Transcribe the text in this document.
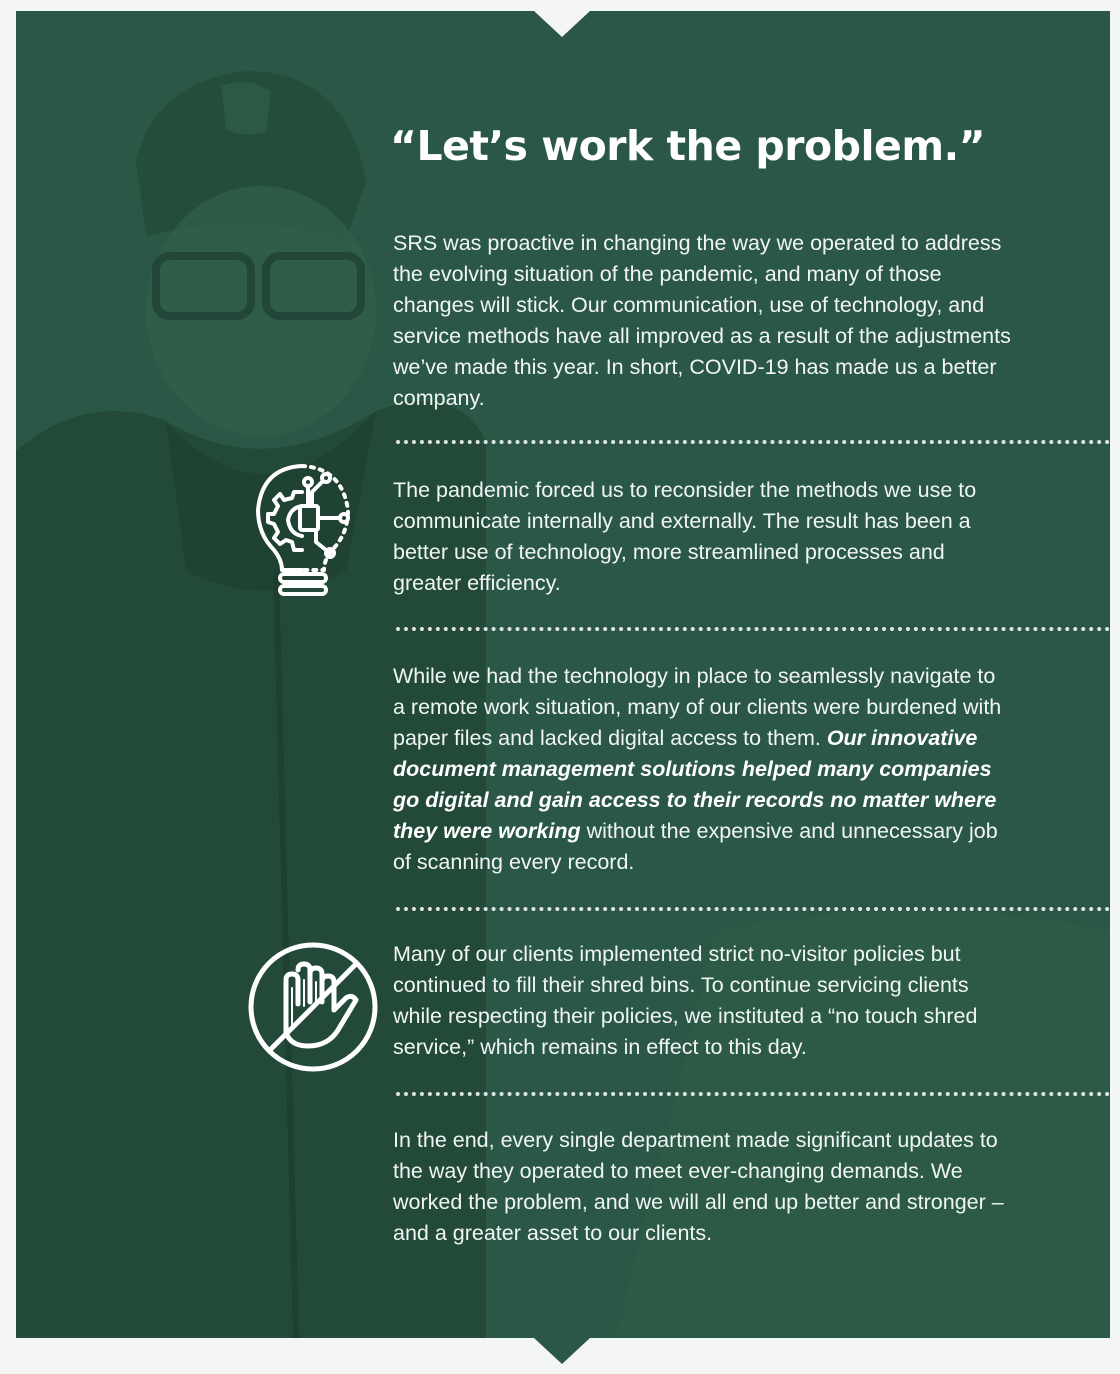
“Let’s work the problem.”

SRS was proactive in changing the way we operated to address the evolving situation of the pandemic, and many of those changes will stick. Our communication, use of technology, and service methods have all improved as a result of the adjustments we’ve made this year. In short, COVID-19 has made us a better company.

The pandemic forced us to reconsider the methods we use to communicate internally and externally. The result has been a better use of technology, more streamlined processes and greater efficiency.

While we had the technology in place to seamlessly navigate to a remote work situation, many of our clients were burdened with paper files and lacked digital access to them. Our innovative document management solutions helped many companies go digital and gain access to their records no matter where they were working without the expensive and unnecessary job of scanning every record.

Many of our clients implemented strict no-visitor policies but continued to fill their shred bins. To continue servicing clients while respecting their policies, we instituted a “no touch shred service,” which remains in effect to this day.

In the end, every single department made significant updates to the way they operated to meet ever-changing demands. We worked the problem, and we will all end up better and stronger – and a greater asset to our clients.
